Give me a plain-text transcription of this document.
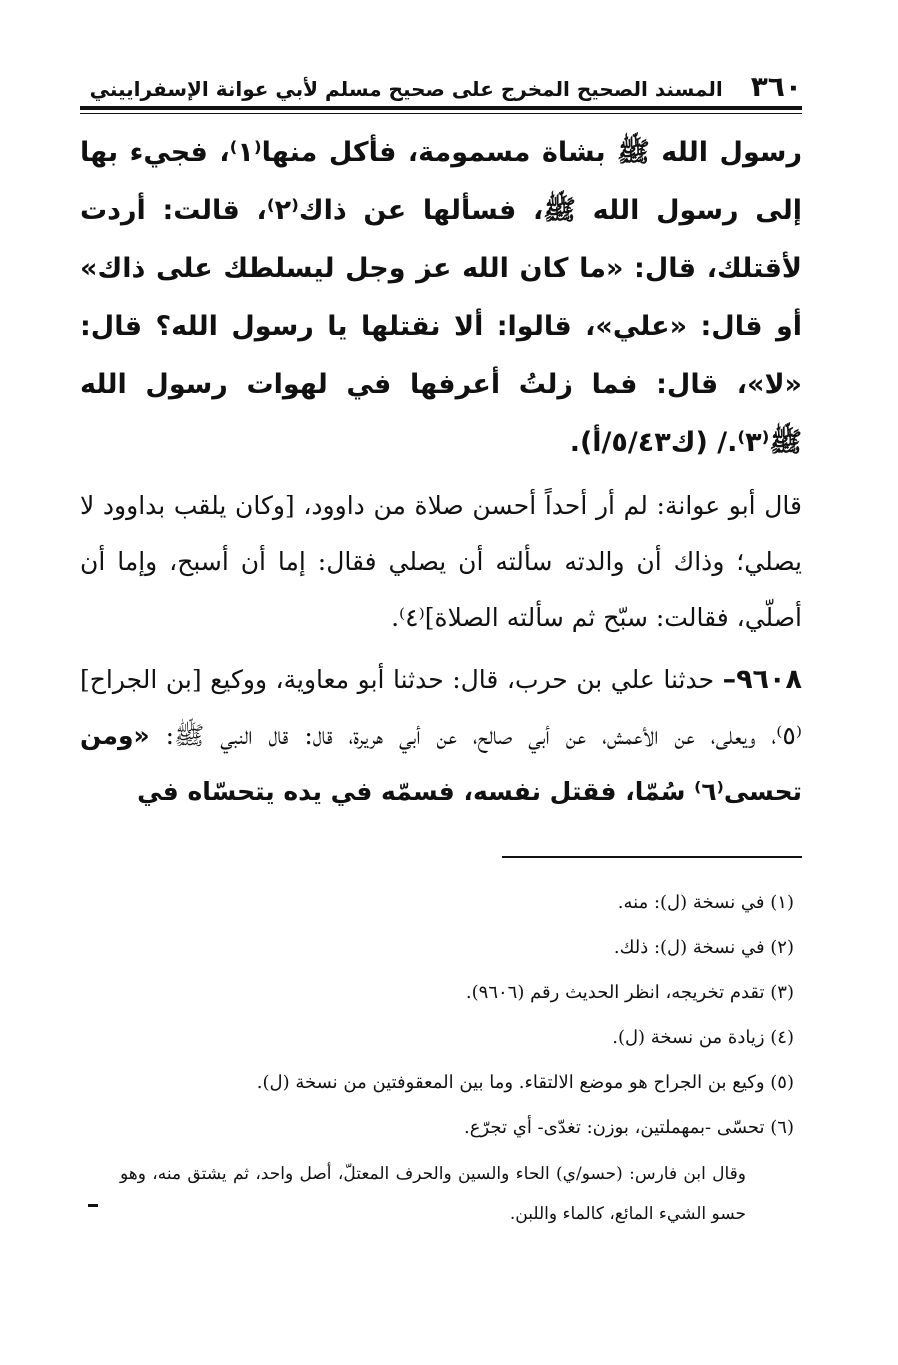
٣٦٠
المسند الصحيح المخرج على صحيح مسلم لأبي عوانة الإسفراييني
رسول الله ﷺ بشاة مسمومة، فأكل منها⁽١⁾، فجيء بها إلى رسول الله ﷺ، فسألها عن ذاك⁽٢⁾، قالت: أردت لأقتلك، قال: «ما كان الله عز وجل ليسلطك على ذاك» أو قال: «علي»، قالوا: ألا نقتلها يا رسول الله؟ قال: «لا»، قال: فما زلتُ أعرفها في لهوات رسول الله ﷺ⁽٣⁾./ (ك٥/٤٣/أ).
قال أبو عوانة: لم أر أحداً أحسن صلاة من داوود، [وكان يلقب بداوود لا يصلي؛ وذاك أن والدته سألته أن يصلي فقال: إما أن أسبح، وإما أن أصلّي، فقالت: سبّح ثم سألته الصلاة]⁽٤⁾.
٩٦٠٨– حدثنا علي بن حرب، قال: حدثنا أبو معاوية، ووكيع [بن الجراح]⁽٥⁾، ويعلى، عن الأعمش، عن أبي صالح، عن أبي هريرة، قال: قال النبي ﷺ: «ومن تحسى⁽٦⁾ سُمّا، فقتل نفسه، فسمّه في يده يتحسّاه في
(١) في نسخة (ل): منه.
(٢) في نسخة (ل): ذلك.
(٣) تقدم تخريجه، انظر الحديث رقم (٩٦٠٦).
(٤) زيادة من نسخة (ل).
(٥) وكيع بن الجراح هو موضع الالتقاء. وما بين المعقوفتين من نسخة (ل).
(٦) تحسّى -بمهملتين، بوزن: تغدّى- أي تجرّع.
وقال ابن فارس: (حسو/ي) الحاء والسين والحرف المعتلّ، أصل واحد، ثم يشتق منه، وهو حسو الشيء المائع، كالماء واللبن.
